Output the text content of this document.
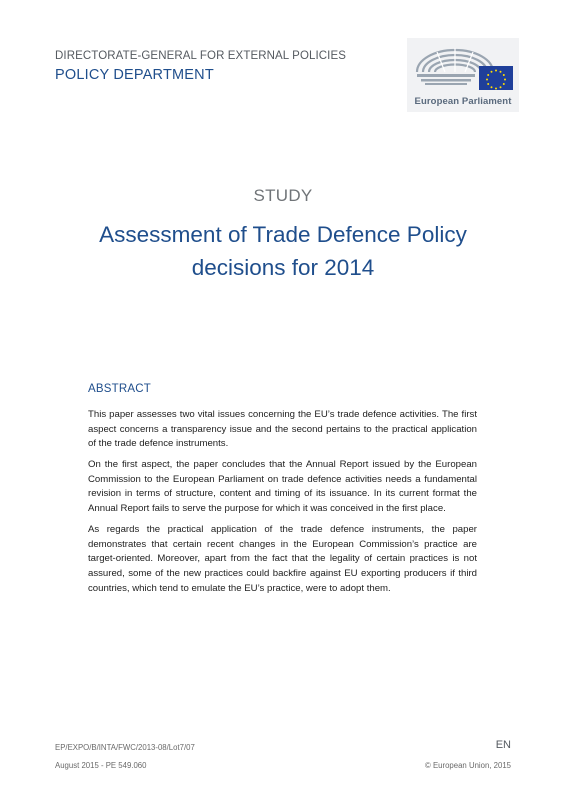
DIRECTORATE-GENERAL FOR EXTERNAL POLICIES
POLICY DEPARTMENT
European Parliament
STUDY
Assessment of Trade Defence Policy decisions for 2014
ABSTRACT

This paper assesses two vital issues concerning the EU’s trade defence activities. The first aspect concerns a transparency issue and the second pertains to the practical application of the trade defence instruments.

On the first aspect, the paper concludes that the Annual Report issued by the European Commission to the European Parliament on trade defence activities needs a fundamental revision in terms of structure, content and timing of its issuance. In its current format the Annual Report fails to serve the purpose for which it was conceived in the first place.

As regards the practical application of the trade defence instruments, the paper demonstrates that certain recent changes in the European Commission’s practice are target-oriented. Moreover, apart from the fact that the legality of certain practices is not assured, some of the new practices could backfire against EU exporting producers if third countries, which tend to emulate the EU’s practice, were to adopt them.

EP/EXPO/B/INTA/FWC/2013-08/Lot7/07	EN
August 2015 - PE 549.060	© European Union, 2015
